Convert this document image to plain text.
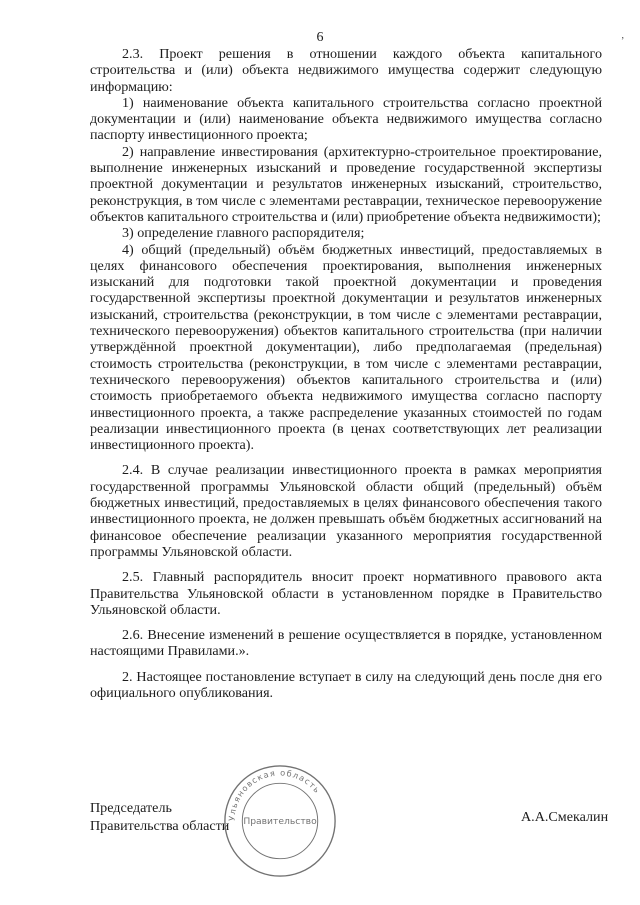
6	,

2.3. Проект решения в отношении каждого объекта капитального строительства и (или) объекта недвижимого имущества содержит следующую информацию:

1) наименование объекта капитального строительства согласно проектной документации и (или) наименование объекта недвижимого имущества согласно паспорту инвестиционного проекта;

2) направление инвестирования (архитектурно-строительное проектирование, выполнение инженерных изысканий и проведение государственной экспертизы проектной документации и результатов инженерных изысканий, строительство, реконструкция, в том числе с элементами реставрации, техническое перевооружение объектов капитального строительства и (или) приобретение объекта недвижимости);

3) определение главного распорядителя;

4) общий (предельный) объём бюджетных инвестиций, предоставляемых в целях финансового обеспечения проектирования, выполнения инженерных изысканий для подготовки такой проектной документации и проведения государственной экспертизы проектной документации и результатов инженерных изысканий, строительства (реконструкции, в том числе с элементами реставрации, технического перевооружения) объектов капитального строительства (при наличии утверждённой проектной документации), либо предполагаемая (предельная) стоимость строительства (реконструкции, в том числе с элементами реставрации, технического перевооружения) объектов капитального строительства и (или) стоимость приобретаемого объекта недвижимого имущества согласно паспорту инвестиционного проекта, а также распределение указанных стоимостей по годам реализации инвестиционного проекта (в ценах соответствующих лет реализации инвестиционного проекта).

2.4. В случае реализации инвестиционного проекта в рамках мероприятия государственной программы Ульяновской области общий (предельный) объём бюджетных инвестиций, предоставляемых в целях финансового обеспечения такого инвестиционного проекта, не должен превышать объём бюджетных ассигнований на финансовое обеспечение реализации указанного мероприятия государственной программы Ульяновской области.

2.5. Главный распорядитель вносит проект нормативного правового акта Правительства Ульяновской области в установленном порядке в Правительство Ульяновской области.

2.6. Внесение изменений в решение осуществляется в порядке, установленном настоящими Правилами.».

2. Настоящее постановление вступает в силу на следующий день после дня его официального опубликования.

Председатель
Правительства области
Ульяновская область
Правительство	А.А.Смекалин
